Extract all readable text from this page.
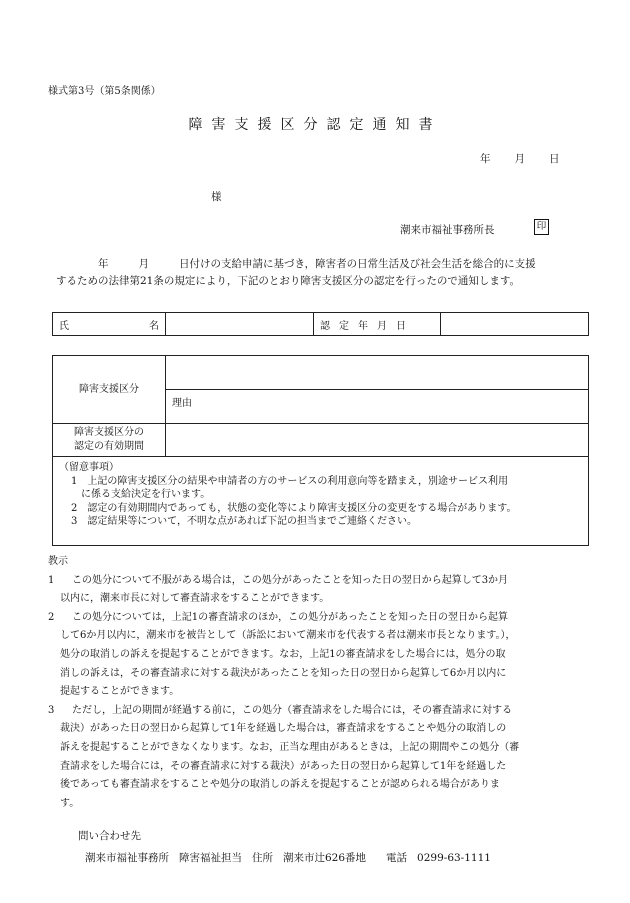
様式第3号（第5条関係）
障害支援区分認定通知書
年 月 日
様
潮来市福祉事務所長	印
年	月	日付けの支給申請に基づき，障害者の日常生活及び社会生活を総合的に支援
するための法律第21条の規定により，下記のとおり障害支援区分の認定を行ったので通知します。
氏　　　名		認定年月日	
障害支援区分	
	理由

障害支援区分の
認定の有効期間	

（留意事項）
1　上記の障害支援区分の結果や申請者の方のサービスの利用意向等を踏まえ，別途サービス利用
に係る支給決定を行います。
2　認定の有効期間内であっても，状態の変化等により障害支援区分の変更をする場合があります。
3　認定結果等について，不明な点があれば下記の担当までご連絡ください。	
教示
1	この処分について不服がある場合は，この処分があったことを知った日の翌日から起算して3か月
以内に，潮来市長に対して審査請求をすることができます。
2	この処分については，上記1の審査請求のほか，この処分があったことを知った日の翌日から起算
して6か月以内に，潮来市を被告として（訴訟において潮来市を代表する者は潮来市長となります。），
処分の取消しの訴えを提起することができます。なお，上記1の審査請求をした場合には，処分の取
消しの訴えは，その審査請求に対する裁決があったことを知った日の翌日から起算して6か月以内に
提起することができます。
3	ただし，上記の期間が経過する前に，この処分（審査請求をした場合には，その審査請求に対する
裁決）があった日の翌日から起算して1年を経過した場合は，審査請求をすることや処分の取消しの
訴えを提起することができなくなります。なお，正当な理由があるときは，上記の期間やこの処分（審
査請求をした場合には，その審査請求に対する裁決）があった日の翌日から起算して1年を経過した
後であっても審査請求をすることや処分の取消しの訴えを提起することが認められる場合がありま
す。
問い合わせ先
潮来市福祉事務所 障害福祉担当 住所 潮来市辻626番地 電話 0299-63-1111
